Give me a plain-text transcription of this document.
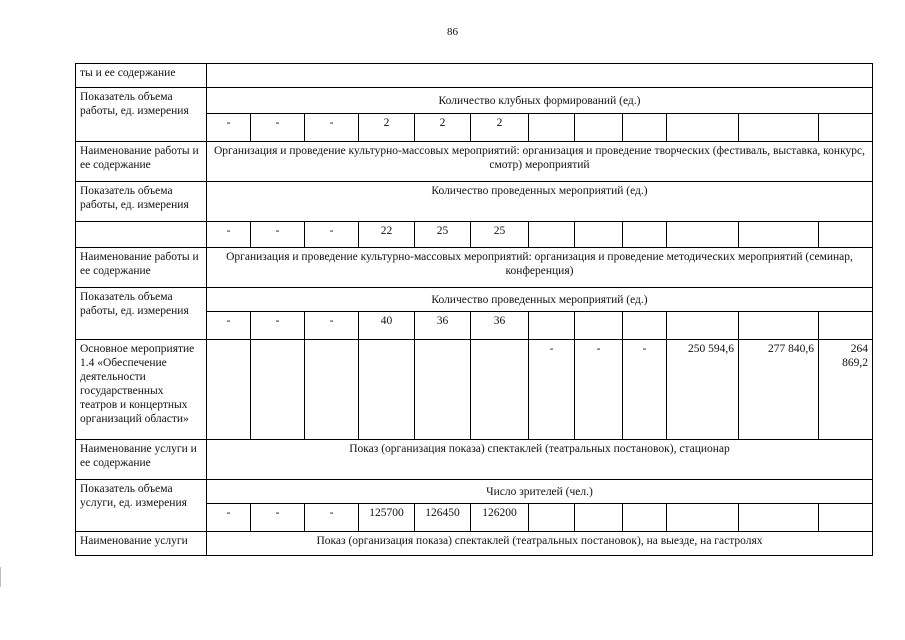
86
ты и ее содержание												
Показатель объема работы, ед. измерения	Количество клубных формирований (ед.)											
	-	-	-	2	2	2						
Наименование работы и ее содержание	Организация и проведение культурно-массовых мероприятий: организация и проведение творческих (фестиваль, выставка, конкурс, смотр) мероприятий											
Показатель объема работы, ед. измерения	Количество проведенных мероприятий (ед.)											
	-	-	-	22	25	25						
Наименование работы и ее содержание	Организация и проведение культурно-массовых мероприятий: организация и проведение методических мероприятий (семинар, конференция)											
Показатель объема работы, ед. измерения	Количество проведенных мероприятий (ед.)											
	-	-	-	40	36	36						
Основное мероприятие 1.4 «Обеспечение деятельности государственных театров и концертных организаций области»							-	-	-	250 594,6	277 840,6	264 869,2
Наименование услуги и ее содержание	Показ (организация показа) спектаклей (театральных постановок), стационар											
Показатель объема услуги, ед. измерения	Число зрителей (чел.)											
	-	-	-	125700	126450	126200						
Наименование услуги	Показ (организация показа) спектаклей (театральных постановок), на выезде, на гастролях											
